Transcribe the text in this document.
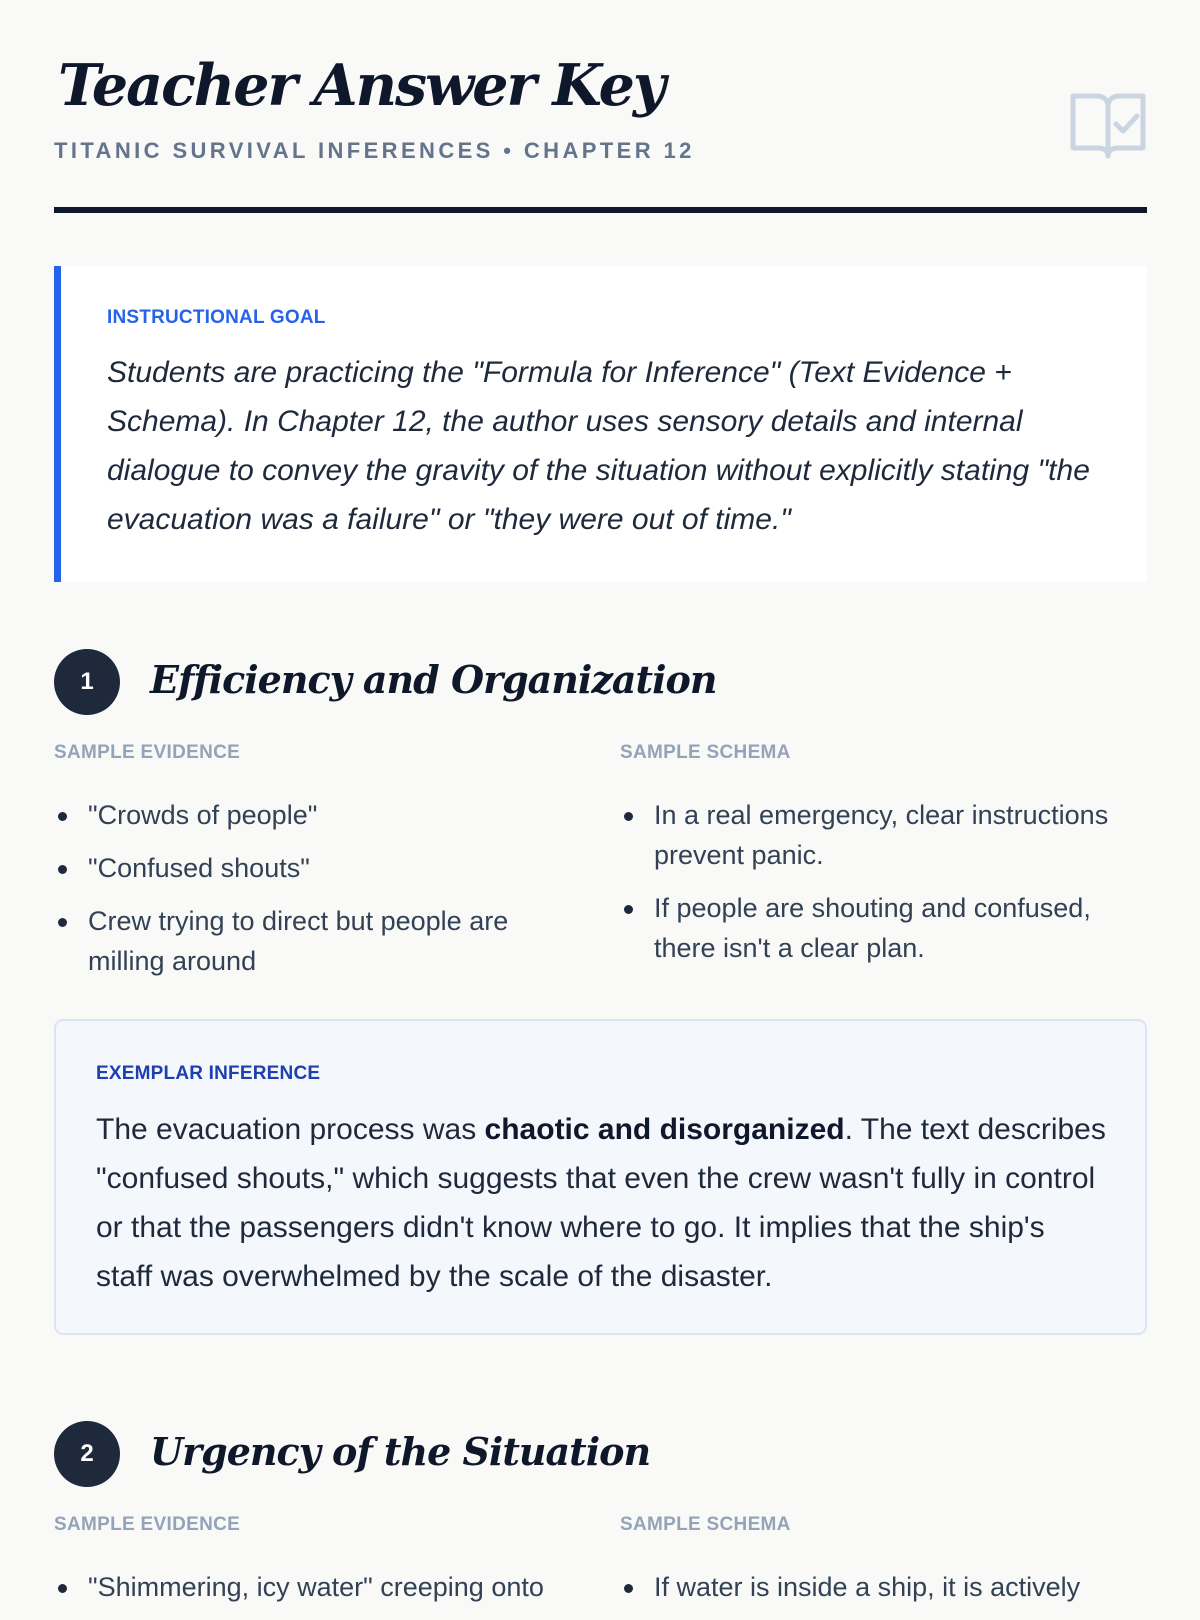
Teacher Answer Key
TITANIC SURVIVAL INFERENCES • CHAPTER 12
INSTRUCTIONAL GOAL

Students are practicing the "Formula for Inference" (Text Evidence + Schema). In Chapter 12, the author uses sensory details and internal dialogue to convey the gravity of the situation without explicitly stating "the evacuation was a failure" or "they were out of time."

1	Efficiency and Organization
SAMPLE EVIDENCE
"Crowds of people"
"Confused shouts"
Crew trying to direct but people are milling around
SAMPLE SCHEMA
In a real emergency, clear instructions prevent panic.
If people are shouting and confused, there isn't a clear plan.
EXEMPLAR INFERENCE

The evacuation process was chaotic and disorganized. The text describes "confused shouts," which suggests that even the crew wasn't fully in control or that the passengers didn't know where to go. It implies that the ship's staff was overwhelmed by the scale of the disaster.

2	Urgency of the Situation
SAMPLE EVIDENCE
"Shimmering, icy water" creeping onto
SAMPLE SCHEMA
If water is inside a ship, it is actively
